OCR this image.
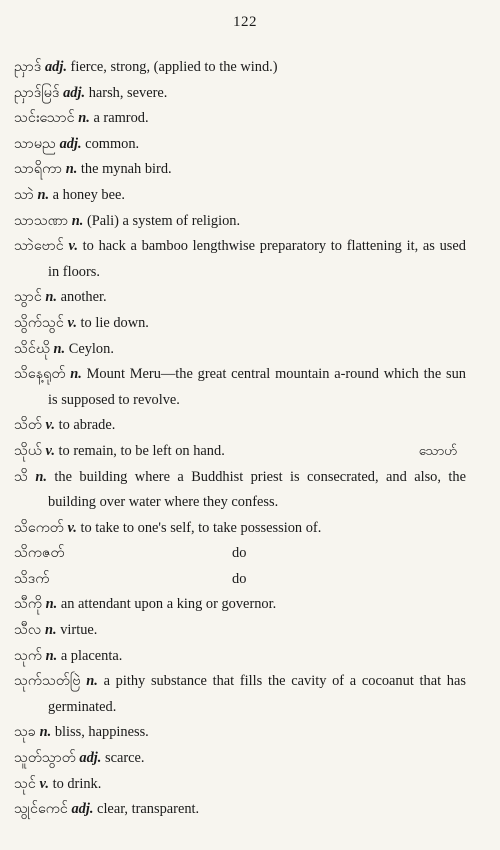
122

ညှာဒ် adj. fierce, strong, (applied to the wind.)

ညှာဒ်မြဒ် adj. harsh, severe.

သင်းသောင် n. a ramrod.

သာမည adj. common.

သာရိကာ n. the mynah bird.

သာဲ n. a honey bee.

သာသဏာ n. (Pali) a system of religion.

သာဲဗောင် v. to hack a bamboo lengthwise preparatory to flattening it, as used in floors.

သွာင် n. another.

သွိက်သွင် v. to lie down.

သိင်ဃို n. Ceylon.

သိနေ့ရုတ် n. Mount Meru—the great central mountain a-round which the sun is supposed to revolve.

သိတ် v. to abrade.

သောဟ်
သိုယ် v. to remain, to be left on hand.

သိ n. the building where a Buddhist priest is consecrated, and also, the building over water where they confess.

သိကေတ် v. to take to one's self, to take possession of.

သိကဇတ်	do

သိဒက်	do

သီကို n. an attendant upon a king or governor.

သီလ n. virtue.

သုက် n. a placenta.

သုက်သတ်ဗြဲ n. a pithy substance that fills the cavity of a cocoanut that has germinated.

သုခ n. bliss, happiness.

သူတ်သွာတ် adj. scarce.

သုင် v. to drink.

သွုင်ကေင် adj. clear, transparent.
